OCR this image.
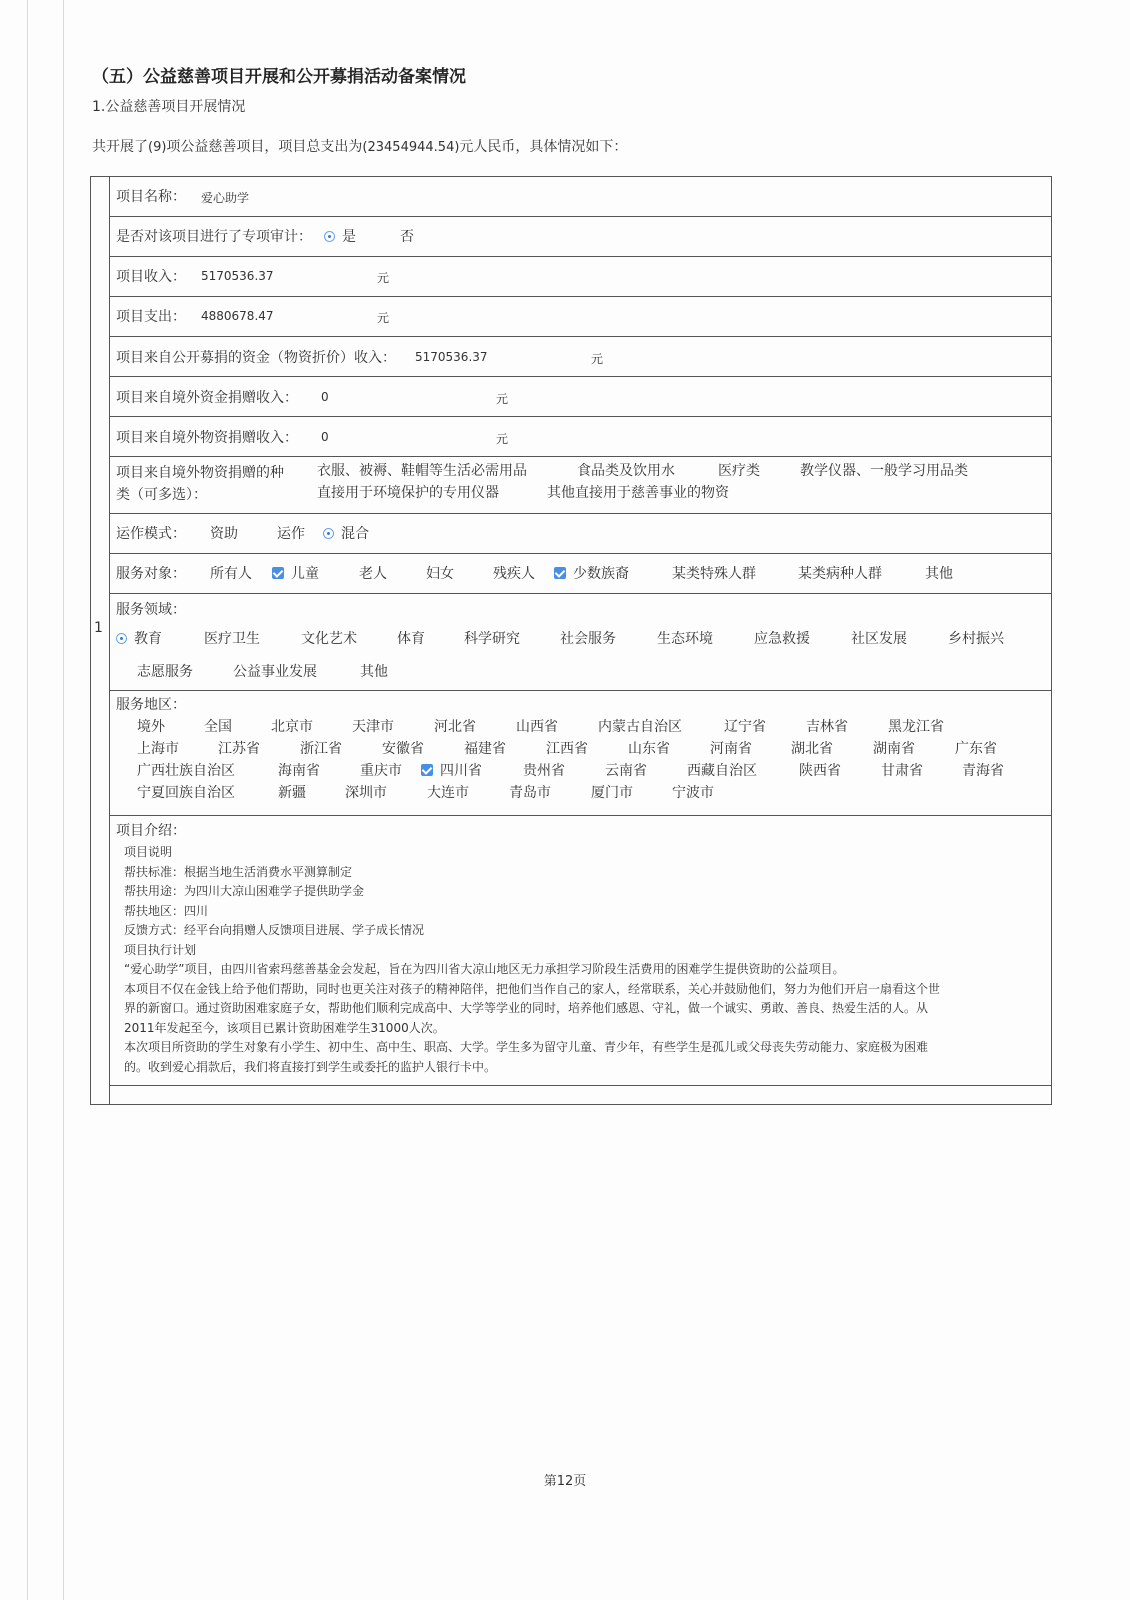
（五）公益慈善项目开展和公开募捐活动备案情况
1.公益慈善项目开展情况
共开展了(9)项公益慈善项目，项目总支出为(23454944.54)元人民币，具体情况如下：
1
项目名称： 爱心助学
是否对该项目进行了专项审计：	是	否
项目收入： 5170536.37	元
项目支出： 4880678.47	元
项目来自公开募捐的资金（物资折价）收入： 5170536.37	元
项目来自境外资金捐赠收入： 0	元
项目来自境外物资捐赠收入： 0	元
项目来自境外物资捐赠的种
类（可多选）：
衣服、被褥、鞋帽等生活必需用品	食品类及饮用水	医疗类	教学仪器、一般学习用品类
直接用于环境保护的专用仪器	其他直接用于慈善事业的物资
运作模式： 资助	运作	混合
服务对象： 所有人	儿童	老人	妇女	残疾人	少数族裔	某类特殊人群	某类病种人群	其他
服务领域：
教育	医疗卫生	文化艺术	体育	科学研究	社会服务	生态环境	应急救援	社区发展	乡村振兴
志愿服务	公益事业发展	其他
服务地区：
境外	全国	北京市	天津市	河北省	山西省	内蒙古自治区	辽宁省	吉林省	黑龙江省
上海市	江苏省	浙江省	安徽省	福建省	江西省	山东省	河南省	湖北省	湖南省	广东省
广西壮族自治区	海南省	重庆市	四川省	贵州省	云南省	西藏自治区	陕西省	甘肃省	青海省
宁夏回族自治区	新疆	深圳市	大连市	青岛市	厦门市	宁波市
项目介绍：
项目说明
帮扶标准：根据当地生活消费水平测算制定
帮扶用途：为四川大凉山困难学子提供助学金
帮扶地区：四川
反馈方式：经平台向捐赠人反馈项目进展、学子成长情况
项目执行计划
“爱心助学”项目，由四川省索玛慈善基金会发起，旨在为四川省大凉山地区无力承担学习阶段生活费用的困难学生提供资助的公益项目。
本项目不仅在金钱上给予他们帮助，同时也更关注对孩子的精神陪伴，把他们当作自己的家人，经常联系，关心并鼓励他们，努力为他们开启一扇看这个世
界的新窗口。通过资助困难家庭子女，帮助他们顺利完成高中、大学等学业的同时，培养他们感恩、守礼，做一个诚实、勇敢、善良、热爱生活的人。从
2011年发起至今，该项目已累计资助困难学生31000人次。
本次项目所资助的学生对象有小学生、初中生、高中生、职高、大学。学生多为留守儿童、青少年，有些学生是孤儿或父母丧失劳动能力、家庭极为困难
的。收到爱心捐款后，我们将直接打到学生或委托的监护人银行卡中。
第12页
